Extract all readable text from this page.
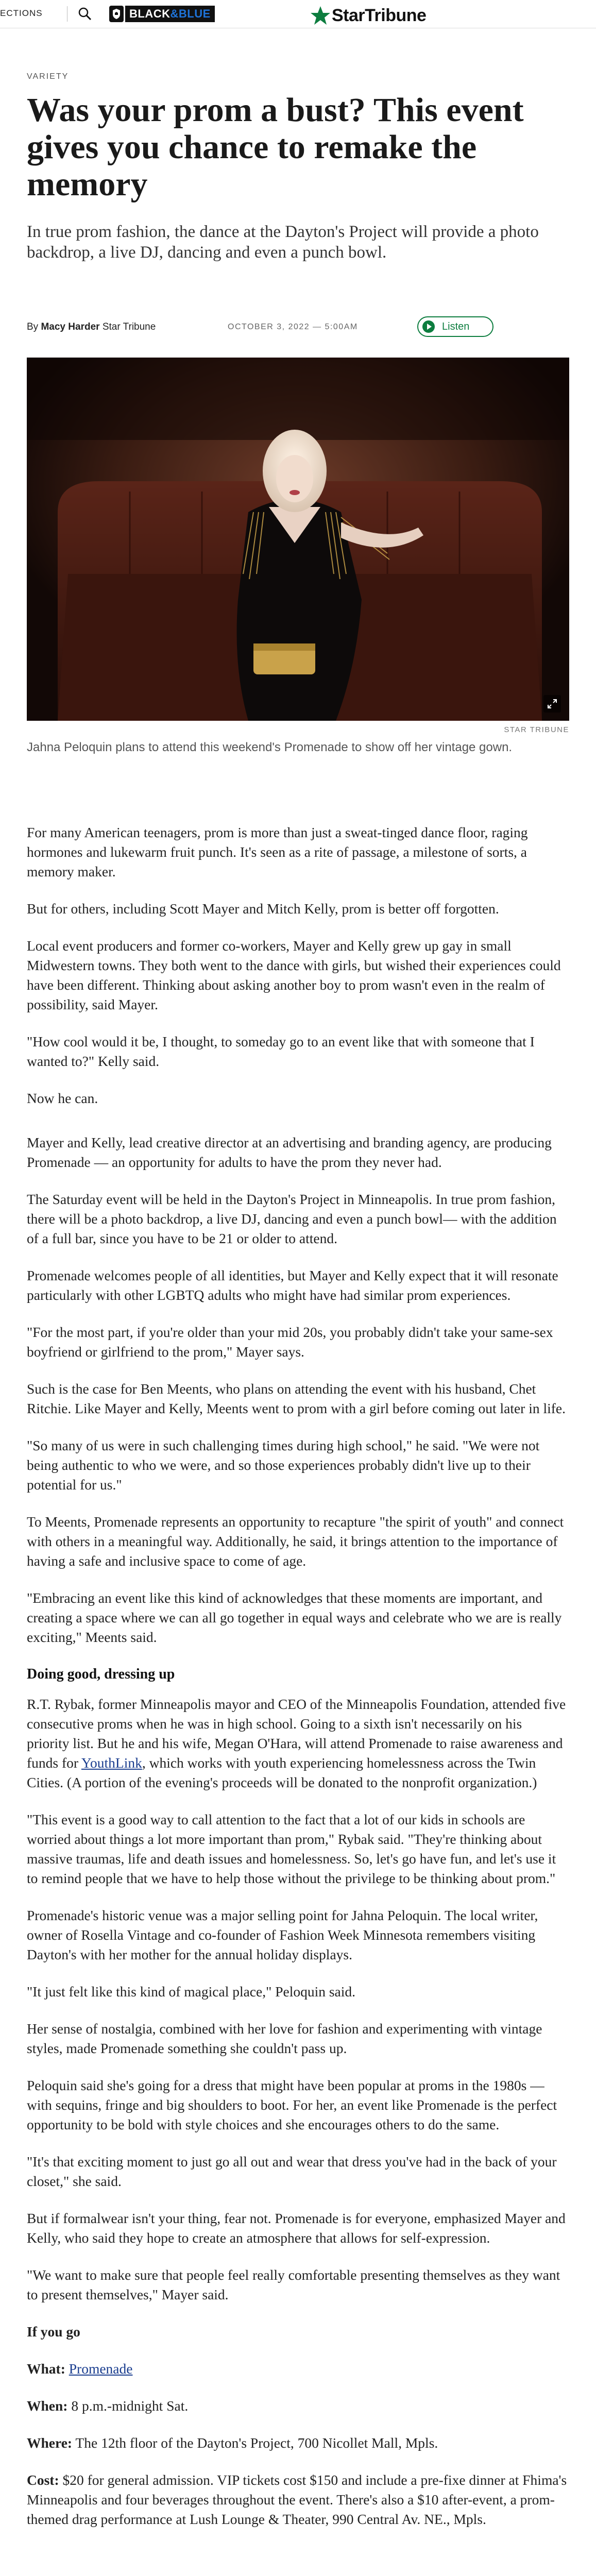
ECTIONS	BLACK&BLUE	StarTribune
VARIETY
Was your prom a bust? This event gives you chance to remake the memory

In true prom fashion, the dance at the Dayton's Project will provide a photo backdrop, a live DJ, dancing and even a punch bowl.

By Macy Harder Star Tribune	OCTOBER 3, 2022 — 5:00AM	Listen
STAR TRIBUNE

Jahna Peloquin plans to attend this weekend's Promenade to show off her vintage gown.

For many American teenagers, prom is more than just a sweat-tinged dance floor, raging hormones and lukewarm fruit punch. It's seen as a rite of passage, a milestone of sorts, a memory maker.

But for others, including Scott Mayer and Mitch Kelly, prom is better off forgotten.

Local event producers and former co-workers, Mayer and Kelly grew up gay in small Midwestern towns. They both went to the dance with girls, but wished their experiences could have been different. Thinking about asking another boy to prom wasn't even in the realm of possibility, said Mayer.

"How cool would it be, I thought, to someday go to an event like that with someone that I wanted to?" Kelly said.

Now he can.

Mayer and Kelly, lead creative director at an advertising and branding agency, are producing Promenade — an opportunity for adults to have the prom they never had.

The Saturday event will be held in the Dayton's Project in Minneapolis. In true prom fashion, there will be a photo backdrop, a live DJ, dancing and even a punch bowl— with the addition of a full bar, since you have to be 21 or older to attend.

Promenade welcomes people of all identities, but Mayer and Kelly expect that it will resonate particularly with other LGBTQ adults who might have had similar prom experiences.

"For the most part, if you're older than your mid 20s, you probably didn't take your same-sex boyfriend or girlfriend to the prom," Mayer says.

Such is the case for Ben Meents, who plans on attending the event with his husband, Chet Ritchie. Like Mayer and Kelly, Meents went to prom with a girl before coming out later in life.

"So many of us were in such challenging times during high school," he said. "We were not being authentic to who we were, and so those experiences probably didn't live up to their potential for us."

To Meents, Promenade represents an opportunity to recapture "the spirit of youth" and connect with others in a meaningful way. Additionally, he said, it brings attention to the importance of having a safe and inclusive space to come of age.

"Embracing an event like this kind of acknowledges that these moments are important, and creating a space where we can all go together in equal ways and celebrate who we are is really exciting," Meents said.

Doing good, dressing up

R.T. Rybak, former Minneapolis mayor and CEO of the Minneapolis Foundation, attended five consecutive proms when he was in high school. Going to a sixth isn't necessarily on his priority list. But he and his wife, Megan O'Hara, will attend Promenade to raise awareness and funds for YouthLink, which works with youth experiencing homelessness across the Twin Cities. (A portion of the evening's proceeds will be donated to the nonprofit organization.)

"This event is a good way to call attention to the fact that a lot of our kids in schools are worried about things a lot more important than prom," Rybak said. "They're thinking about massive traumas, life and death issues and homelessness. So, let's go have fun, and let's use it to remind people that we have to help those without the privilege to be thinking about prom."

Promenade's historic venue was a major selling point for Jahna Peloquin. The local writer, owner of Rosella Vintage and co-founder of Fashion Week Minnesota remembers visiting Dayton's with her mother for the annual holiday displays.

"It just felt like this kind of magical place," Peloquin said.

Her sense of nostalgia, combined with her love for fashion and experimenting with vintage styles, made Promenade something she couldn't pass up.

Peloquin said she's going for a dress that might have been popular at proms in the 1980s — with sequins, fringe and big shoulders to boot. For her, an event like Promenade is the perfect opportunity to be bold with style choices and she encourages others to do the same.

"It's that exciting moment to just go all out and wear that dress you've had in the back of your closet," she said.

But if formalwear isn't your thing, fear not. Promenade is for everyone, emphasized Mayer and Kelly, who said they hope to create an atmosphere that allows for self-expression.

"We want to make sure that people feel really comfortable presenting themselves as they want to present themselves," Mayer said.

If you go

What: Promenade

When: 8 p.m.-midnight Sat.

Where: The 12th floor of the Dayton's Project, 700 Nicollet Mall, Mpls.

Cost: $20 for general admission. VIP tickets cost $150 and include a pre-fixe dinner at Fhima's Minneapolis and four beverages throughout the event. There's also a $10 after-event, a prom-themed drag performance at Lush Lounge & Theater, 990 Central Av. NE., Mpls.
